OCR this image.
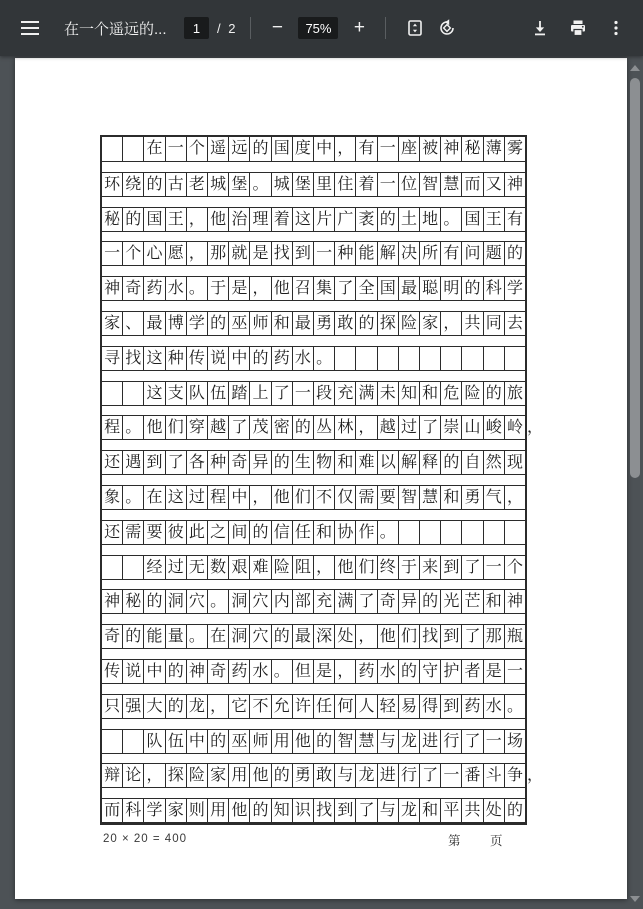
在一个遥远的...
1	/ 2	−	75%	+
在 一 个 遥 远 的 国 度 中 ， 有 一 座 被 神 秘 薄 雾
环 绕 的 古 老 城 堡 。 城 堡 里 住 着 一 位 智 慧 而 又 神
秘 的 国 王 ， 他 治 理 着 这 片 广 袤 的 土 地 。 国 王 有
一 个 心 愿 ， 那 就 是 找 到 一 种 能 解 决 所 有 问 题 的
神 奇 药 水 。 于 是 ， 他 召 集 了 全 国 最 聪 明 的 科 学
家 、 最 博 学 的 巫 师 和 最 勇 敢 的 探 险 家 ， 共 同 去
寻 找 这 种 传 说 中 的 药 水 。
这 支 队 伍 踏 上 了 一 段 充 满 未 知 和 危 险 的 旅
程 。 他 们 穿 越 了 茂 密 的 丛 林 ， 越 过 了 崇 山 峻 岭 ，
还 遇 到 了 各 种 奇 异 的 生 物 和 难 以 解 释 的 自 然 现
象 。 在 这 过 程 中 ， 他 们 不 仅 需 要 智 慧 和 勇 气 ，
还 需 要 彼 此 之 间 的 信 任 和 协 作 。
经 过 无 数 艰 难 险 阻 ， 他 们 终 于 来 到 了 一 个
神 秘 的 洞 穴 。 洞 穴 内 部 充 满 了 奇 异 的 光 芒 和 神
奇 的 能 量 。 在 洞 穴 的 最 深 处 ， 他 们 找 到 了 那 瓶
传 说 中 的 神 奇 药 水 。 但 是 ， 药 水 的 守 护 者 是 一
只 强 大 的 龙 ， 它 不 允 许 任 何 人 轻 易 得 到 药 水 。
队 伍 中 的 巫 师 用 他 的 智 慧 与 龙 进 行 了 一 场
辩 论 ， 探 险 家 用 他 的 勇 敢 与 龙 进 行 了 一 番 斗 争 ，
而 科 学 家 则 用 他 的 知 识 找 到 了 与 龙 和 平 共 处 的
20 × 20 = 400	第 页
